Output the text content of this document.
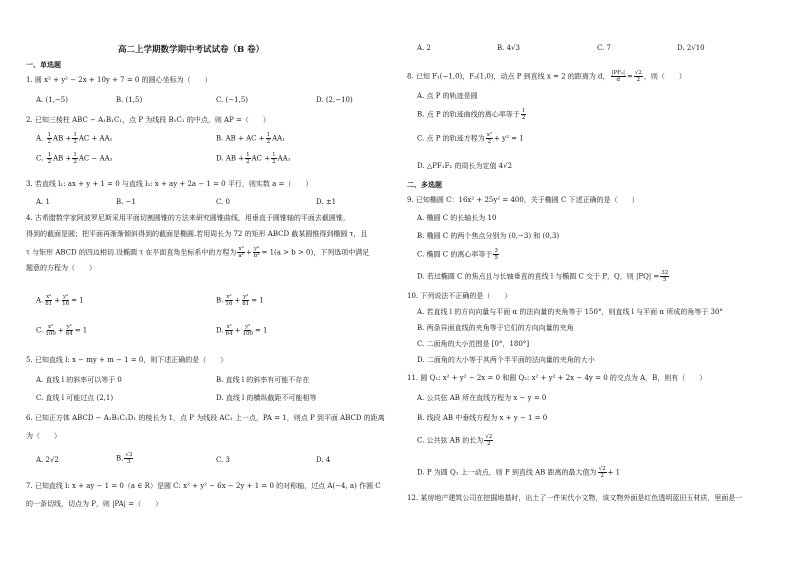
高二上学期数学期中考试试卷（B 卷）
一、单选题
1. 圆 x² + y² − 2x + 10y + 7 = 0 的圆心坐标为（　　）
A. (1,−5)	B. (1,5)	C. (−1,5)	D. (2,−10)
2. 已知三棱柱 ABC − A₁B₁C₁，点 P 为线段 B₁C₁ 的中点，则 AP =（　　）
A. $\frac{1}{2}$ AB + $\frac{1}{2}$ AC + AA₁	B. AB + AC + $\frac{1}{2} AA_1$
C. $\frac{1}{2}$ AB + $\frac{1}{2}$ AC − AA₁	D. AB + $\frac{1}{2}$ AC + $\frac{1}{2} AA_1$
3. 若直线 l₁: ax + y + 1 = 0 与直线 l₂: x + ay + 2a − 1 = 0 平行，则实数 a =（　　）
A. 1	B. −1	C. 0	D. ±1
4. 古希腊数学家阿波罗尼斯采用平面切割圆锥的方法来研究圆锥曲线，用垂直于圆锥轴的平面去截圆锥，
得到的截面是圆；把平面再渐渐倾斜得到的截面是椭圆.若用周长为 72 的矩形 ABCD 截某圆锥得到椭圆 τ，且
τ 与矩形 ABCD 的四边相切.设椭圆 τ 在平面直角坐标系中的方程为 $\frac{\text{x²}}{\text{a²}} + \frac{\text{y²}}{\text{b²}} = 1(a > b > 0)$，下列选项中满足
题意的方程为（　　）
A. $\frac{\text{x²}}{81} + \frac{\text{y²}}{16} = 1$	B. $\frac{\text{x²}}{16} + \frac{\text{y²}}{81} = 1$
C. $\frac{\text{x²}}{100} + \frac{\text{y²}}{64} = 1$	D. $\frac{\text{x²}}{64} + \frac{\text{y²}}{100} = 1$
5. 已知直线 l: x − my + m − 1 = 0，则下述正确的是（　　）
A. 直线 l 的斜率可以等于 0	B. 直线 l 的斜率有可能不存在
C. 直线 l 可能过点 (2,1)	D. 直线 l 的横纵截距不可能相等
6. 已知正方体 ABCD − A₁B₁C₁D₁ 的棱长为 1，点 P 为线段 AC₁ 上一点，PA = 1，则点 P 到平面 ABCD 的距离
为（　　）
A. 2√2	B. $\frac{√3}{3}$	C. 3	D. 4
7. 已知直线 l: x + ay − 1 = 0（a ∈ R）是圆 C: x² + y² − 6x − 2y + 1 = 0 的对称轴，过点 A(−4, a) 作圆 C
的一条切线，切点为 P，则 |PA| =（　　）
A. 2	B. 4√3	C. 7	D. 2√10
8. 已知 F₁(−1,0)，F₂(1,0)，动点 P 到直线 x = 2 的距离为 d， $\frac{\text{|PF₂|}}{d} = \frac{√2}{2}$ ，则（　　）
A. 点 P 的轨迹是圆
B. 点 P 的轨迹曲线的离心率等于 $\frac{1}{2}$
C. 点 P 的轨迹方程为 $\frac{\text{x²}}{2} + y^2 = 1$
D. △PF₁F₂ 的周长为定值 4√2
二、多选题
9. 已知椭圆 C：16x² + 25y² = 400，关于椭圆 C 下述正确的是（　　）
A. 椭圆 C 的长轴长为 10
B. 椭圆 C 的两个焦点分别为 (0,−3) 和 (0,3)
C. 椭圆 C 的离心率等于 $\frac{3}{5}$
D. 若过椭圆 C 的焦点且与长轴垂直的直线 l 与椭圆 C 交于 P，Q，则 $|PQ| = \frac{32}{5}$
10. 下列说法不正确的是（　　）
A. 若直线 l 的方向向量与平面 α 的法向量的夹角等于 150°，则直线 l 与平面 α 所成的角等于 30°
B. 两条异面直线的夹角等于它们的方向向量的夹角
C. 二面角的大小范围是 [0°，180°]
D. 二面角的大小等于其两个半平面的法向量的夹角的大小
11. 圆 Q₁: x² + y² − 2x = 0 和圆 Q₂: x² + y² + 2x − 4y = 0 的交点为 A，B，则有（　　）
A. 公共弦 AB 所在直线方程为 x − y = 0
B. 线段 AB 中垂线方程为 x + y − 1 = 0
C. 公共弦 AB 的长为 $\frac{√2}{2}$
D. P 为圆 Q₁ 上一动点，则 P 到直线 AB 距离的最大值为 $\frac{√2}{2} + 1$
12. 某房地产建筑公司在挖掘地基时，出土了一件宋代小文物，该文物外面是红色透明蓝田玉材质，里面是一
